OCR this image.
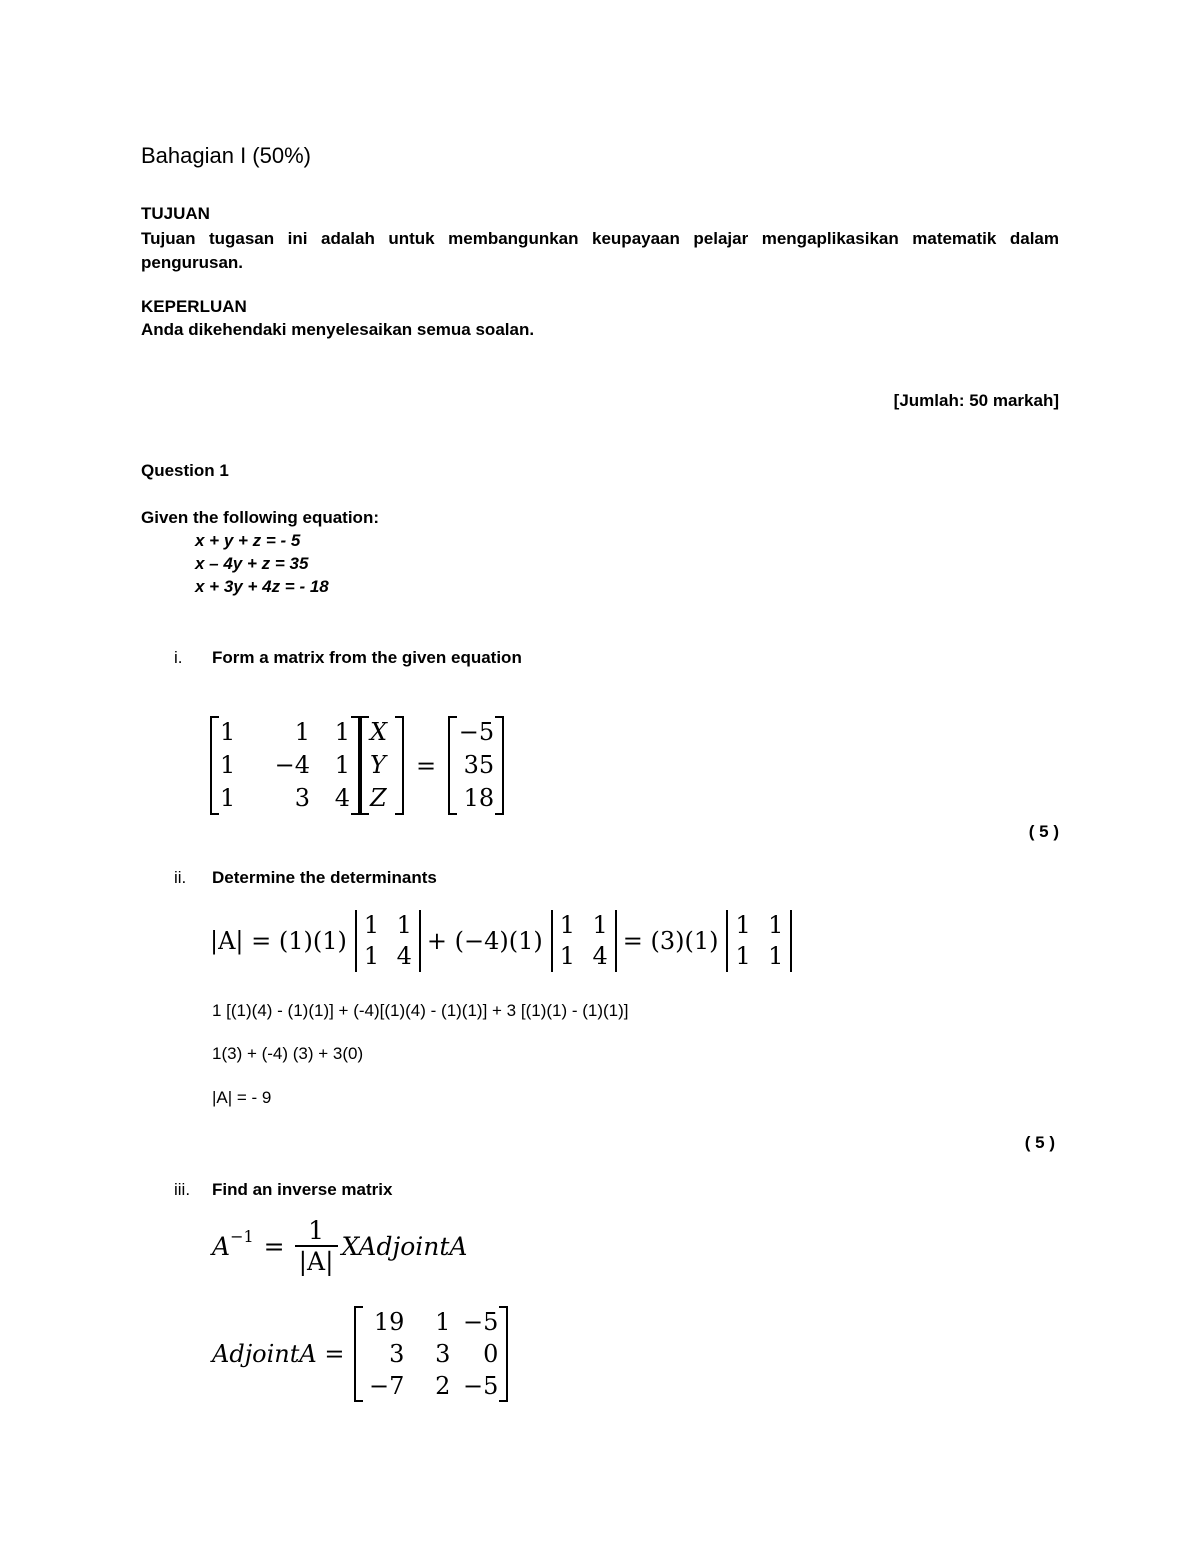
Bahagian I (50%)
TUJUAN
Tujuan tugasan ini adalah untuk membangunkan keupayaan pelajar mengaplikasikan matematik dalam pengurusan.
KEPERLUAN
Anda dikehendaki menyelesaikan semua soalan.
[Jumlah: 50 markah]
Question 1
Given the following equation:
x + y + z = - 5
x – 4y + z = 35
x + 3y + 4z = - 18
i. Form a matrix from the given equation
1	1	1
1	−4	1
1	3	4
X
Y
Z
=
−5
35
18
( 5 )
ii. Determine the determinants
|A| = (1)(1)
1 1
1 4
+ (−4)(1)
1 1
1 4
= (3)(1)
1 1
1 1
1 [(1)(4) - (1)(1)] + (-4)[(1)(4) - (1)(1)] + 3 [(1)(1) - (1)(1)]
1(3) + (-4) (3) + 3(0)
|A| = - 9
( 5 )
iii. Find an inverse matrix
$A^{-1} = \frac{1}{|A|}$ XAdjointA
AdjointA =
19	1 −5
3	3	0
−7	2 −5
